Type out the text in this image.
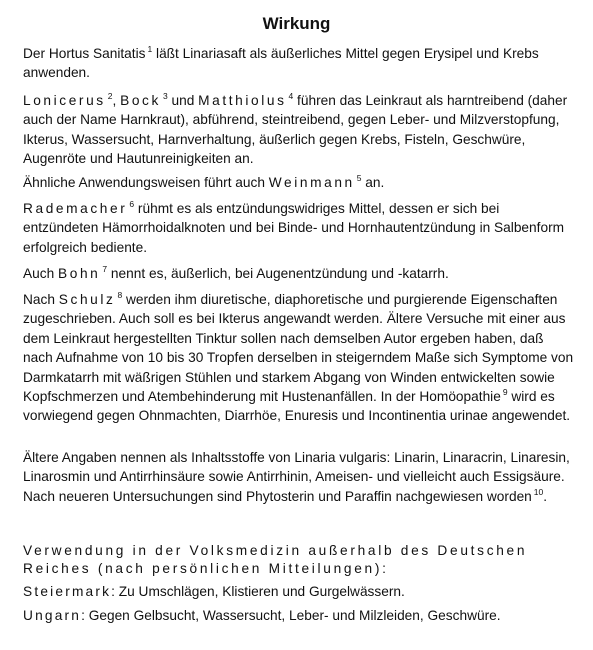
Wirkung

Der Hortus Sanitatis $^1$ läßt Linariasaft als äußerliches Mittel gegen Erysipel und Krebs anwenden.

Lonicerus $^2$, Bock $^3$ und Matthiolus $^4$ führen das Leinkraut als harntreibend (daher auch der Name Harnkraut), abführend, steintreibend, gegen Leber- und Milzverstopfung, Ikterus, Wassersucht, Harnverhaltung, äußerlich gegen Krebs, Fisteln, Geschwüre, Augenröte und Hautunreinigkeiten an.

Ähnliche Anwendungsweisen führt auch Weinmann $^5$ an.

Rademacher $^6$ rühmt es als entzündungswidriges Mittel, dessen er sich bei entzündeten Hämorrhoidalknoten und bei Binde- und Hornhautentzündung in Salbenform erfolgreich bediente.

Auch Bohn $^7$ nennt es, äußerlich, bei Augenentzündung und -katarrh.

Nach Schulz $^8$ werden ihm diuretische, diaphoretische und purgierende Eigenschaften zugeschrieben. Auch soll es bei Ikterus angewandt werden. Ältere Versuche mit einer aus dem Leinkraut hergestellten Tinktur sollen nach demselben Autor ergeben haben, daß nach Aufnahme von 10 bis 30 Tropfen derselben in steigerndem Maße sich Symptome von Darmkatarrh mit wäßrigen Stühlen und starkem Abgang von Winden entwickelten sowie Kopfschmerzen und Atembehinderung mit Hustenanfällen. In der Homöopathie $^9$ wird es vorwiegend gegen Ohnmachten, Diarrhöe, Enuresis und Incontinentia urinae angewendet.

Ältere Angaben nennen als Inhaltsstoffe von Linaria vulgaris: Linarin, Linaracrin, Linaresin, Linarosmin und Antirrhinsäure sowie Antirrhinin, Ameisen- und vielleicht auch Essigsäure. Nach neueren Untersuchungen sind Phytosterin und Paraffin nachgewiesen worden $^{10}$.

Verwendung in der Volksmedizin außerhalb des Deutschen Reiches (nach persönlichen Mitteilungen):

Steiermark: Zu Umschlägen, Klistieren und Gurgelwässern.

Ungarn: Gegen Gelbsucht, Wassersucht, Leber- und Milzleiden, Geschwüre.
